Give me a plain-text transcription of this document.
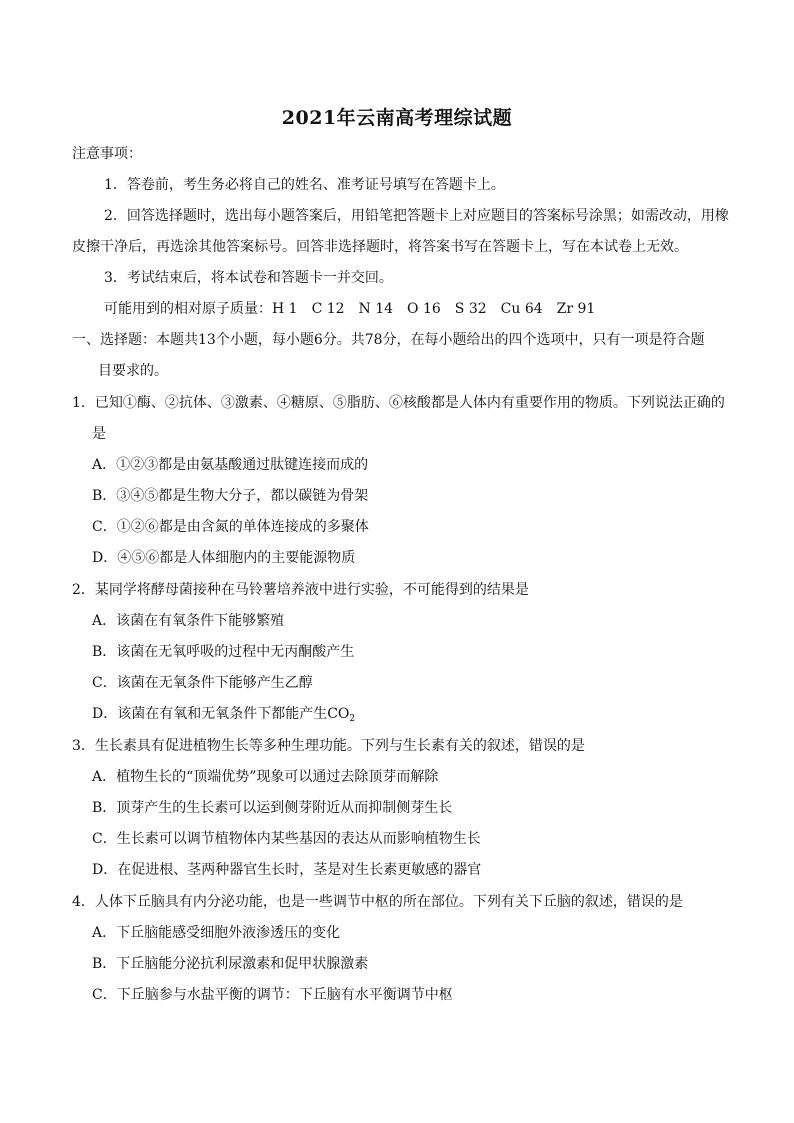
2021年云南高考理综试题
注意事项：
1．答卷前，考生务必将自己的姓名、准考证号填写在答题卡上。
2．回答选择题时，选出每小题答案后，用铅笔把答题卡上对应题目的答案标号涂黑；如需改动，用橡
皮擦干净后，再选涂其他答案标号。回答非选择题时，将答案书写在答题卡上，写在本试卷上无效。
3．考试结束后，将本试卷和答题卡一并交回。
可能用到的相对原子质量：H 1　C 12　N 14　O 16　S 32　Cu 64　Zr 91
一、选择题：本题共13个小题，每小题6分。共78分，在每小题给出的四个选项中，只有一项是符合题
目要求的。
1．已知①酶、②抗体、③激素、④糖原、⑤脂肪、⑥核酸都是人体内有重要作用的物质。下列说法正确的
是
A．①②③都是由氨基酸通过肽键连接而成的
B．③④⑤都是生物大分子，都以碳链为骨架
C．①②⑥都是由含氮的单体连接成的多聚体
D．④⑤⑥都是人体细胞内的主要能源物质
2．某同学将酵母菌接种在马铃薯培养液中进行实验，不可能得到的结果是
A．该菌在有氧条件下能够繁殖
B．该菌在无氧呼吸的过程中无丙酮酸产生
C．该菌在无氧条件下能够产生乙醇
D．该菌在有氧和无氧条件下都能产生$CO_2$
3．生长素具有促进植物生长等多种生理功能。下列与生长素有关的叙述，错误的是
A．植物生长的“顶端优势”现象可以通过去除顶芽而解除
B．顶芽产生的生长素可以运到侧芽附近从而抑制侧芽生长
C．生长素可以调节植物体内某些基因的表达从而影响植物生长
D．在促进根、茎两种器官生长时，茎是对生长素更敏感的器官
4．人体下丘脑具有内分泌功能，也是一些调节中枢的所在部位。下列有关下丘脑的叙述，错误的是
A．下丘脑能感受细胞外液渗透压的变化
B．下丘脑能分泌抗利尿激素和促甲状腺激素
C．下丘脑参与水盐平衡的调节：下丘脑有水平衡调节中枢
